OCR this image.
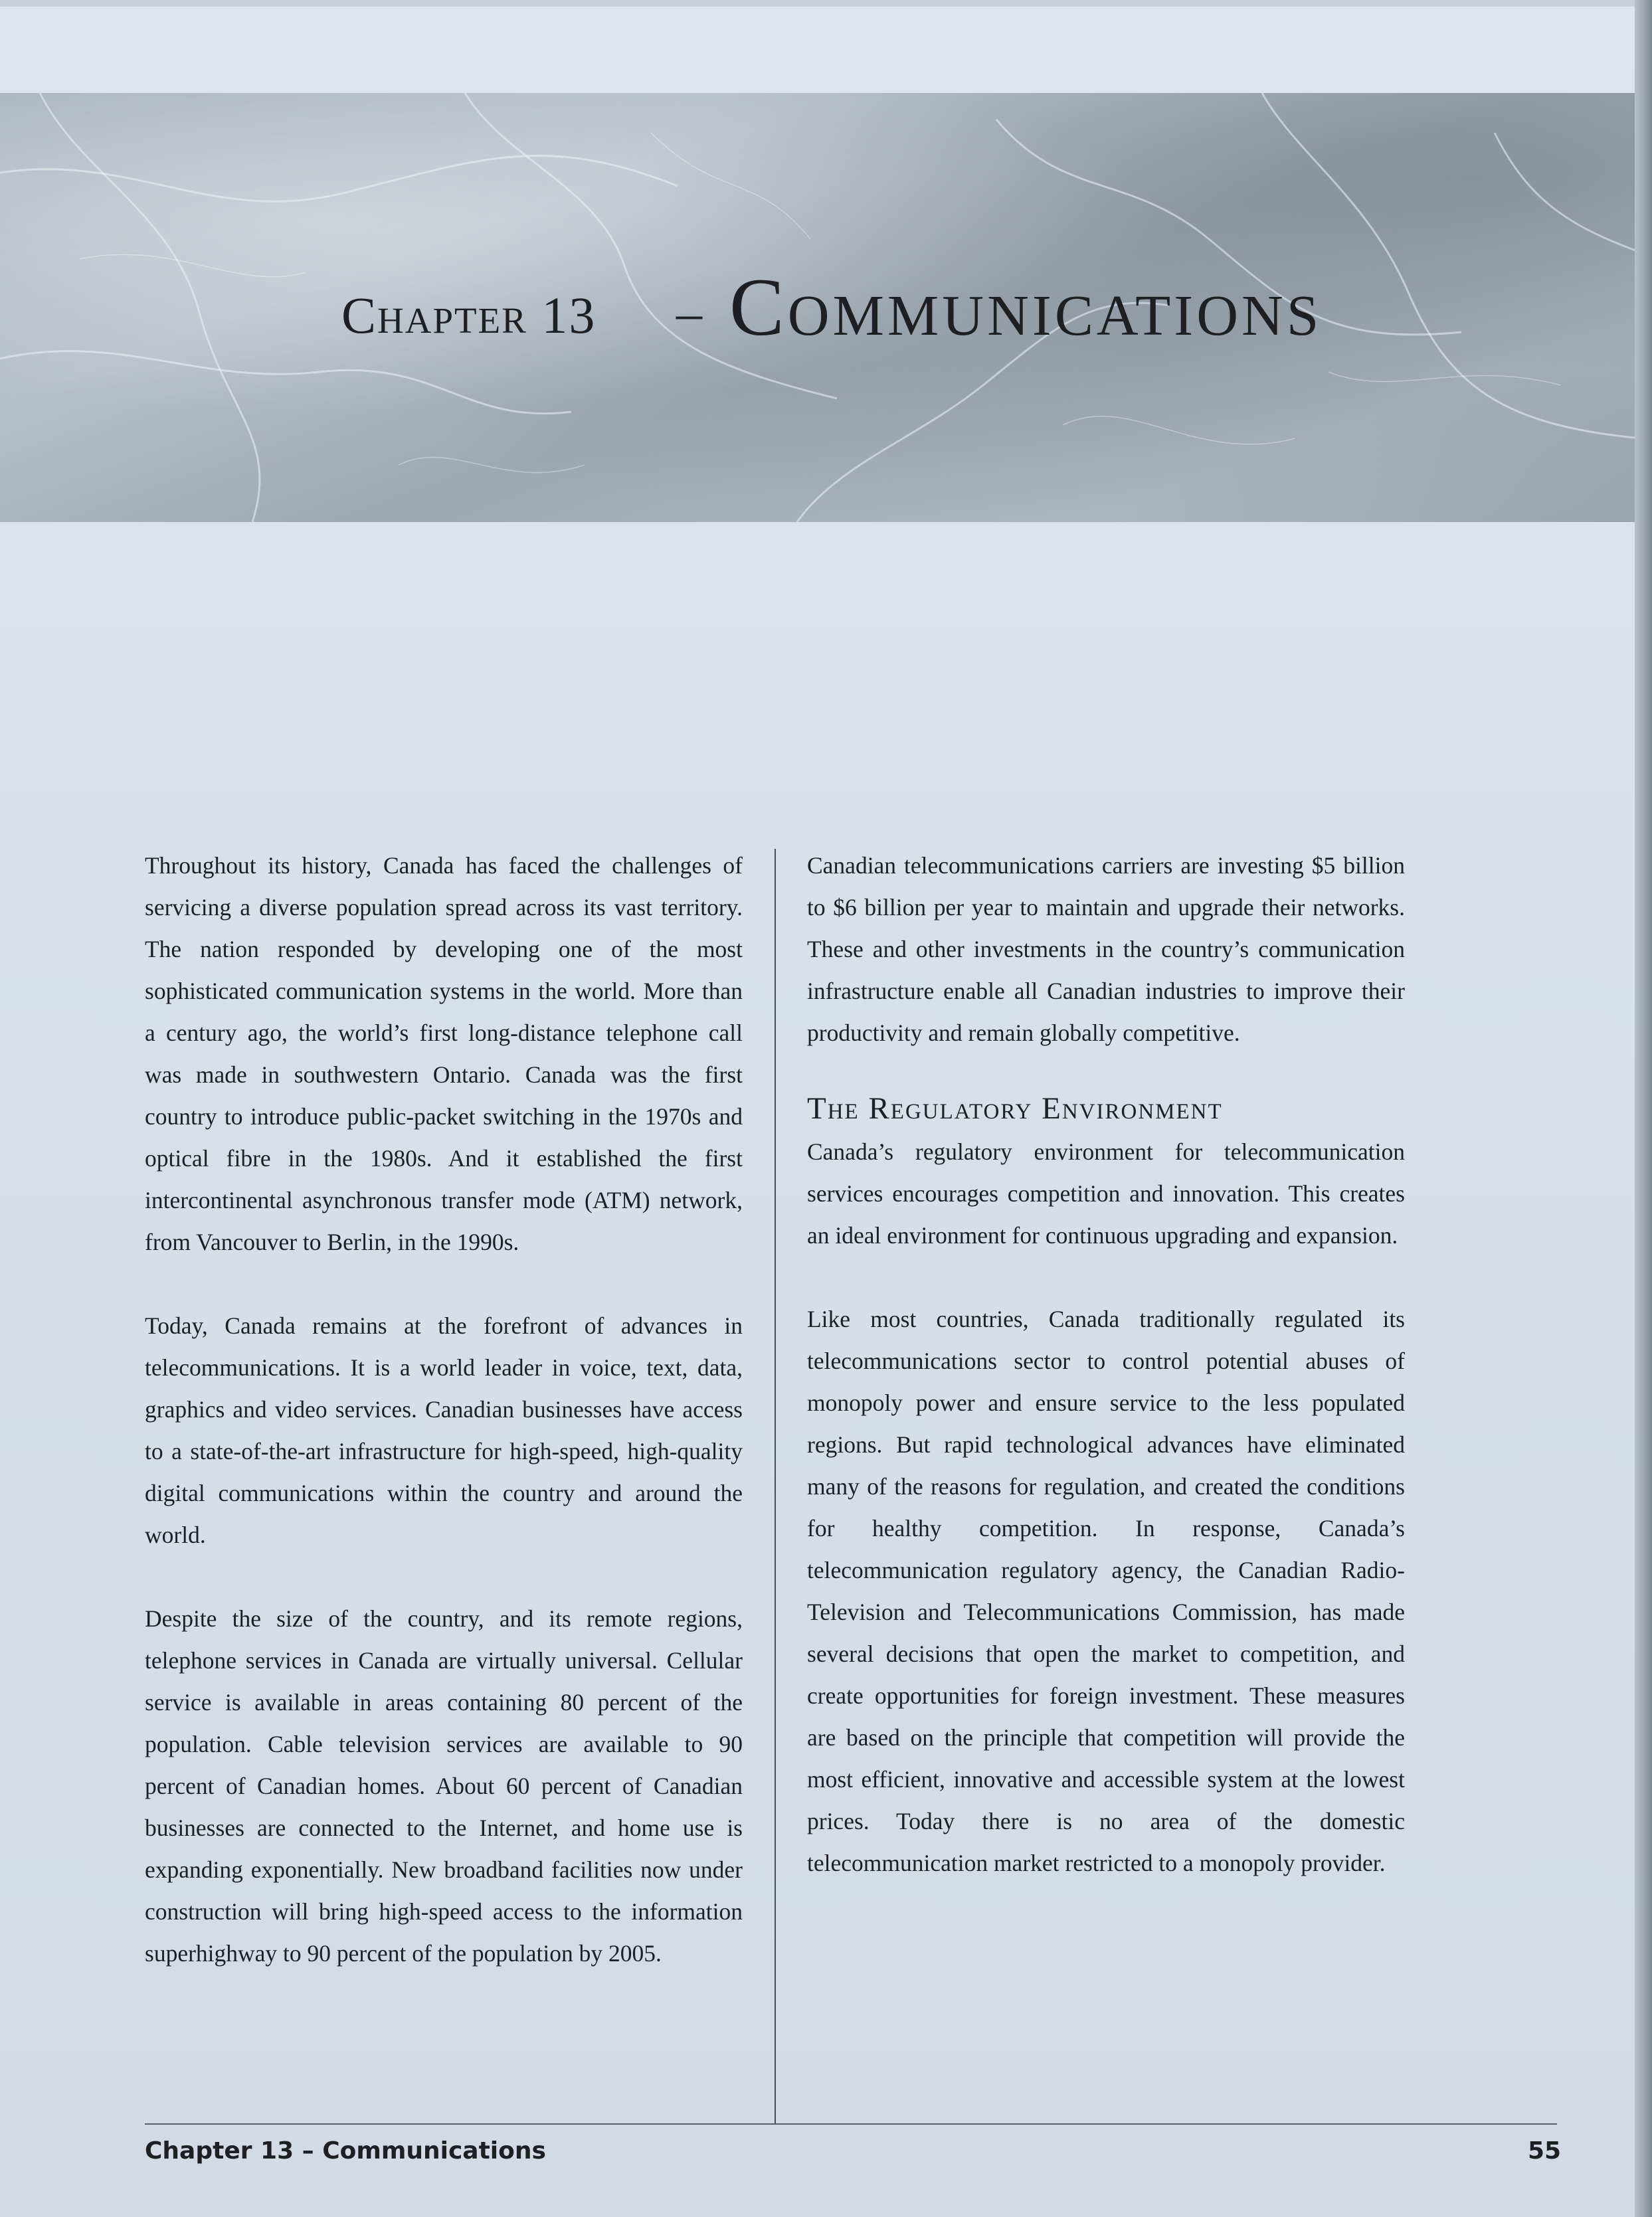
Chapter 13 – Communications

Throughout its history, Canada has faced the challenges of servicing a diverse population spread across its vast territory. The nation responded by developing one of the most sophisticated communication systems in the world. More than a century ago, the world’s first long-distance telephone call was made in southwestern Ontario. Canada was the first country to introduce public-packet switching in the 1970s and optical fibre in the 1980s. And it established the first intercontinental asynchronous transfer mode (ATM) network, from Vancouver to Berlin, in the 1990s.

Today, Canada remains at the forefront of advances in telecommunications. It is a world leader in voice, text, data, graphics and video services. Canadian businesses have access to a state-of-the-art infrastructure for high-speed, high-quality digital communications within the country and around the world.

Despite the size of the country, and its remote regions, telephone services in Canada are virtually universal. Cellular service is available in areas containing 80 percent of the population. Cable television services are available to 90 percent of Canadian homes. About 60 percent of Canadian businesses are connected to the Internet, and home use is expanding exponentially. New broadband facilities now under construction will bring high-speed access to the information superhighway to 90 percent of the population by 2005.

Canadian telecommunications carriers are investing $5 billion to $6 billion per year to maintain and upgrade their networks. These and other investments in the country’s communication infrastructure enable all Canadian industries to improve their productivity and remain globally competitive.

The Regulatory Environment

Canada’s regulatory environment for telecommunication services encourages competition and innovation. This creates an ideal environment for continuous upgrading and expansion.

Like most countries, Canada traditionally regulated its telecommunications sector to control potential abuses of monopoly power and ensure service to the less populated regions. But rapid technological advances have eliminated many of the reasons for regulation, and created the conditions for healthy competition. In response, Canada’s telecommunication regulatory agency, the Canadian Radio-Television and Telecommunications Commission, has made several decisions that open the market to competition, and create opportunities for foreign investment. These measures are based on the principle that competition will provide the most efficient, innovative and accessible system at the lowest prices. Today there is no area of the domestic telecommunication market restricted to a monopoly provider.

Chapter 13 – Communications	55
